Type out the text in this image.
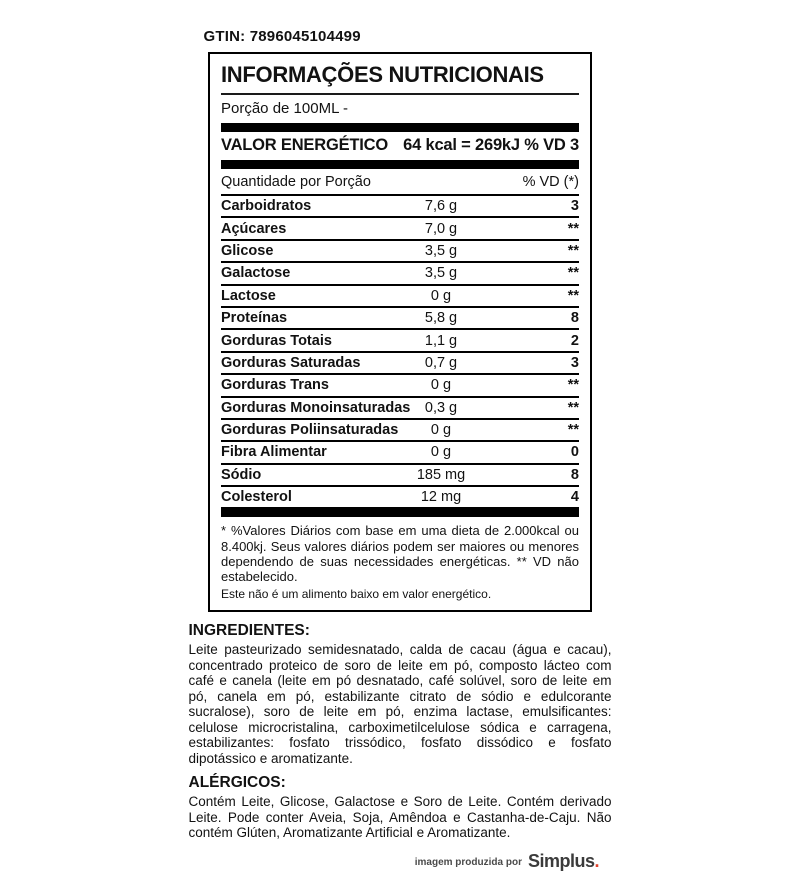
GTIN: 7896045104499
INFORMAÇÕES NUTRICIONAIS
Porção de 100ML -
VALOR ENERGÉTICO 64 kcal = 269kJ % VD 3
Quantidade por Porção	% VD (*)
Carboidratos	7,6 g	3
Açúcares	7,0 g	**
Glicose	3,5 g	**
Galactose	3,5 g	**
Lactose	0 g	**
Proteínas	5,8 g	8
Gorduras Totais	1,1 g	2
Gorduras Saturadas	0,7 g	3
Gorduras Trans	0 g	**
Gorduras Monoinsaturadas	0,3 g	**
Gorduras Poliinsaturadas	0 g	**
Fibra Alimentar	0 g	0
Sódio	185 mg	8
Colesterol	12 mg	4

* %Valores Diários com base em uma dieta de 2.000kcal ou 8.400kj. Seus valores diários podem ser maiores ou menores dependendo de suas necessidades energéticas. ** VD não estabelecido.

Este não é um alimento baixo em valor energético.

INGREDIENTES:

Leite pasteurizado semidesnatado, calda de cacau (água e cacau), concentrado proteico de soro de leite em pó, composto lácteo com café e canela (leite em pó desnatado, café solúvel, soro de leite em pó, canela em pó, estabilizante citrato de sódio e edulcorante sucralose), soro de leite em pó, enzima lactase, emulsificantes: celulose microcristalina, carboximetilcelulose sódica e carragena, estabilizantes: fosfato trissódico, fosfato dissódico e fosfato dipotássico e aromatizante.

ALÉRGICOS:

Contém Leite, Glicose, Galactose e Soro de Leite. Contém derivado Leite. Pode conter Aveia, Soja, Amêndoa e Castanha-de-Caju. Não contém Glúten, Aromatizante Artificial e Aromatizante.

imagem produzida por Simplus.
